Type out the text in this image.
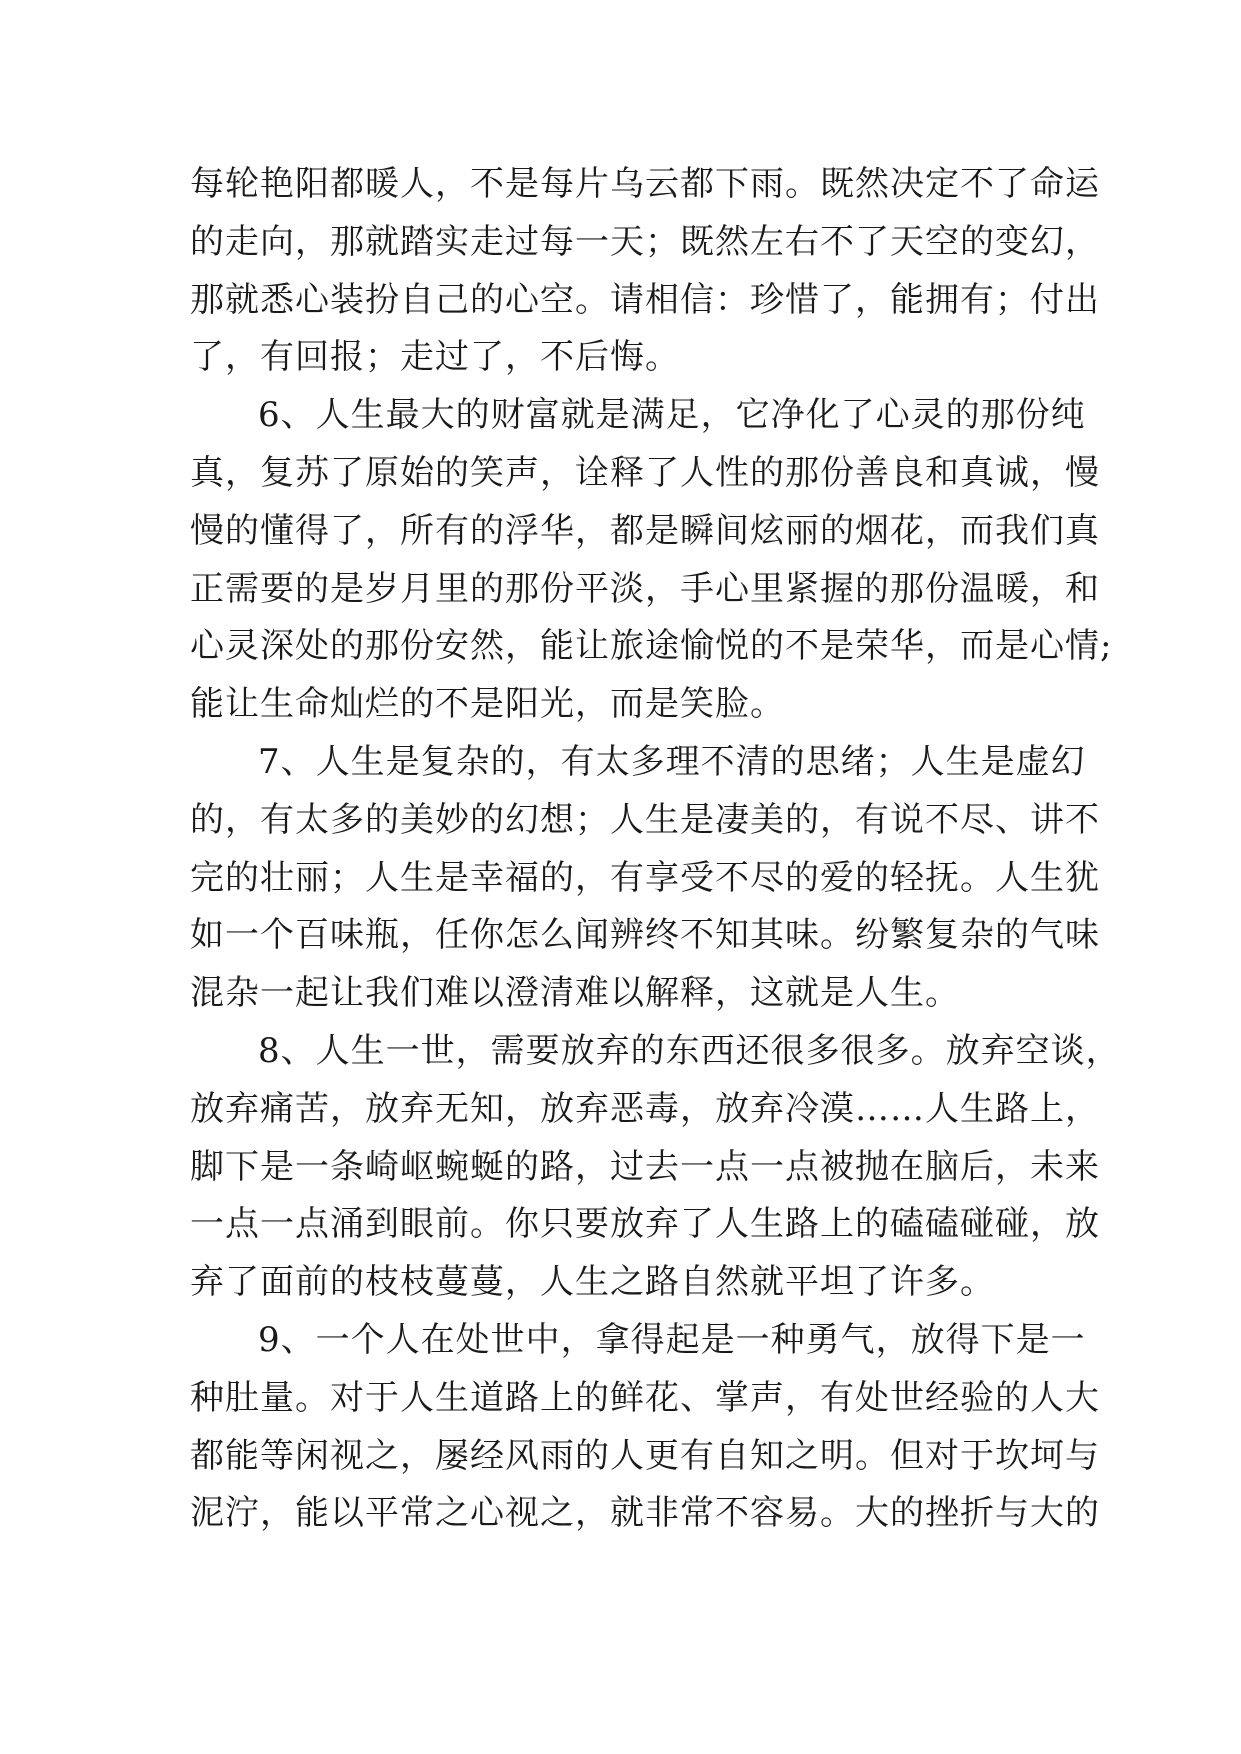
每轮艳阳都暖人，不是每片乌云都下雨。既然决定不了命运
的走向，那就踏实走过每一天；既然左右不了天空的变幻，
那就悉心装扮自己的心空。请相信：珍惜了，能拥有；付出
了，有回报；走过了，不后悔。
6、人生最大的财富就是满足，它净化了心灵的那份纯
真，复苏了原始的笑声，诠释了人性的那份善良和真诚，慢
慢的懂得了，所有的浮华，都是瞬间炫丽的烟花，而我们真
正需要的是岁月里的那份平淡，手心里紧握的那份温暖，和
心灵深处的那份安然，能让旅途愉悦的不是荣华，而是心情;
能让生命灿烂的不是阳光，而是笑脸。
7、人生是复杂的，有太多理不清的思绪；人生是虚幻
的，有太多的美妙的幻想；人生是凄美的，有说不尽、讲不
完的壮丽；人生是幸福的，有享受不尽的爱的轻抚。人生犹
如一个百味瓶，任你怎么闻辨终不知其味。纷繁复杂的气味
混杂一起让我们难以澄清难以解释，这就是人生。
8、人生一世，需要放弃的东西还很多很多。放弃空谈，
放弃痛苦，放弃无知，放弃恶毒，放弃冷漠……人生路上，
脚下是一条崎岖蜿蜒的路，过去一点一点被抛在脑后，未来
一点一点涌到眼前。你只要放弃了人生路上的磕磕碰碰，放
弃了面前的枝枝蔓蔓，人生之路自然就平坦了许多。
9、一个人在处世中，拿得起是一种勇气，放得下是一
种肚量。对于人生道路上的鲜花、掌声，有处世经验的人大
都能等闲视之，屡经风雨的人更有自知之明。但对于坎坷与
泥泞，能以平常之心视之，就非常不容易。大的挫折与大的
